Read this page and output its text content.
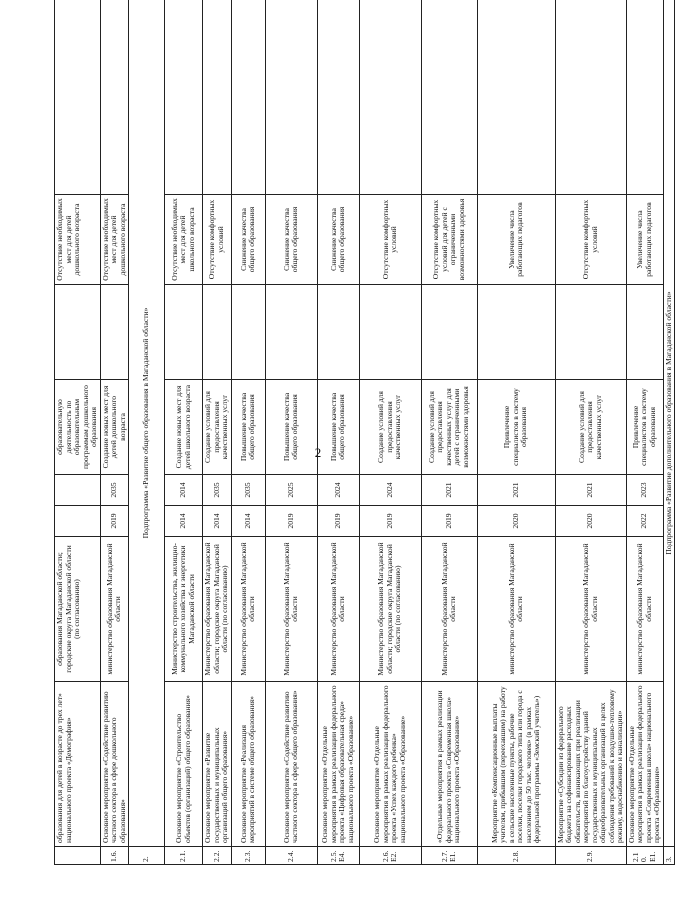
2
	образования для детей в возрасте до трех лет» национального проекта «Демография»	образования Магаданской области; городские округа Магаданской области (по согласованию)			образовательную деятельность по образовательным программам дошкольного образования		Отсутствие необходимых мест для детей дошкольного возраста	
1.6.	Основное мероприятие «Содействие развитию частного сектора в сфере дошкольного образования»	министерство образования Магаданской области	2019	2035	Создание новых мест для детей дошкольного возраста		Отсутствие необходимых мест для детей дошкольного возраста	
2.	Подпрограмма «Развитие общего образования в Магаданской области»							
2.1.	Основное мероприятие «Строительство объектов (организаций) общего образования»	Министерство строительства, жилищно-коммунального хозяйства и энергетики Магаданской области	2014	2014	Создание новых мест для детей школьного возраста		Отсутствие необходимых мест для детей школьного возраста	
2.2.	Основное мероприятие «Развитие государственных и муниципальных организаций общего образования»	Министерство образования Магаданской области; городские округа Магаданской области (по согласованию)	2014	2035	Создание условий для предоставления качественных услуг		Отсутствие комфортных условий	
2.3.	Основное мероприятие «Реализация мероприятий в системе общего образования»	Министерство образования Магаданской области	2014	2035	Повышение качества общего образования		Снижение качества общего образования	
2.4.	Основное мероприятие «Содействие развитию частного сектора в сфере общего образования»	Министерство образования Магаданской области	2019	2025	Повышение качества общего образования		Снижение качества общего образования	
2.5. Е4.	Основное мероприятие «Отдельные мероприятия в рамках реализации федерального проекта «Цифровая образовательная среда» национального проекта «Образование»	Министерство образования Магаданской области	2019	2024	Повышение качества общего образования		Снижение качества общего образования	
2.6. Е2.	Основное мероприятие «Отдельные мероприятия в рамках реализации федерального проекта «Успех каждого ребенка» национального проекта «Образование»	Министерство образования Магаданской области; городские округа Магаданской области (по согласованию)	2019	2024	Создание условий для предоставления качественных услуг		Отсутствие комфортных условий	
2.7.Е1.	«Отдельные мероприятия в рамках реализации федерального проекта «Современная школа» национального проекта «Образование»	Министерство образования Магаданской области	2019	2021	Создание условий для предоставления качественных услуг для детей с ограниченными возможностями здоровья		Отсутствие комфортных условий для детей с ограниченными возможностями здоровья	
2.8.	Мероприятие «Компенсационные выплаты учителям, прибывшим (переехавшим) на работу в сельские населенные пункты, рабочие поселки, поселки городского типа или города с населением до 50 тыс. человек» (в рамках федеральной программы «Земский учитель»)	министерство образования Магаданской области	2020	2021	Привлечение специалистов в систему образования		Увеличение числа работающих педагогов	
2.9.	Мероприятие «Субсидии из федерального бюджета на софинансирование расходных обязательств, возникающих при реализации мероприятий по благоустройству зданий государственных и муниципальных общеобразовательных организаций в целях соблюдения требований к воздушно-тепловому режиму, водоснабжению и канализации»	министерство образования Магаданской области	2020	2021	Создание условий для предоставления качественных услуг		Отсутствие комфортных условий	
2.10. Е1.	Основное мероприятие «Отдельные мероприятия в рамках реализации федерального проекта «Современная школа» национального проекта «Образование»	министерство образования Магаданской области	2022	2023	Привлечение специалистов в систему образования		Увеличение числа работающих педагогов	
3.	Подпрограмма «Развитие дополнительного образования в Магаданской области»							
